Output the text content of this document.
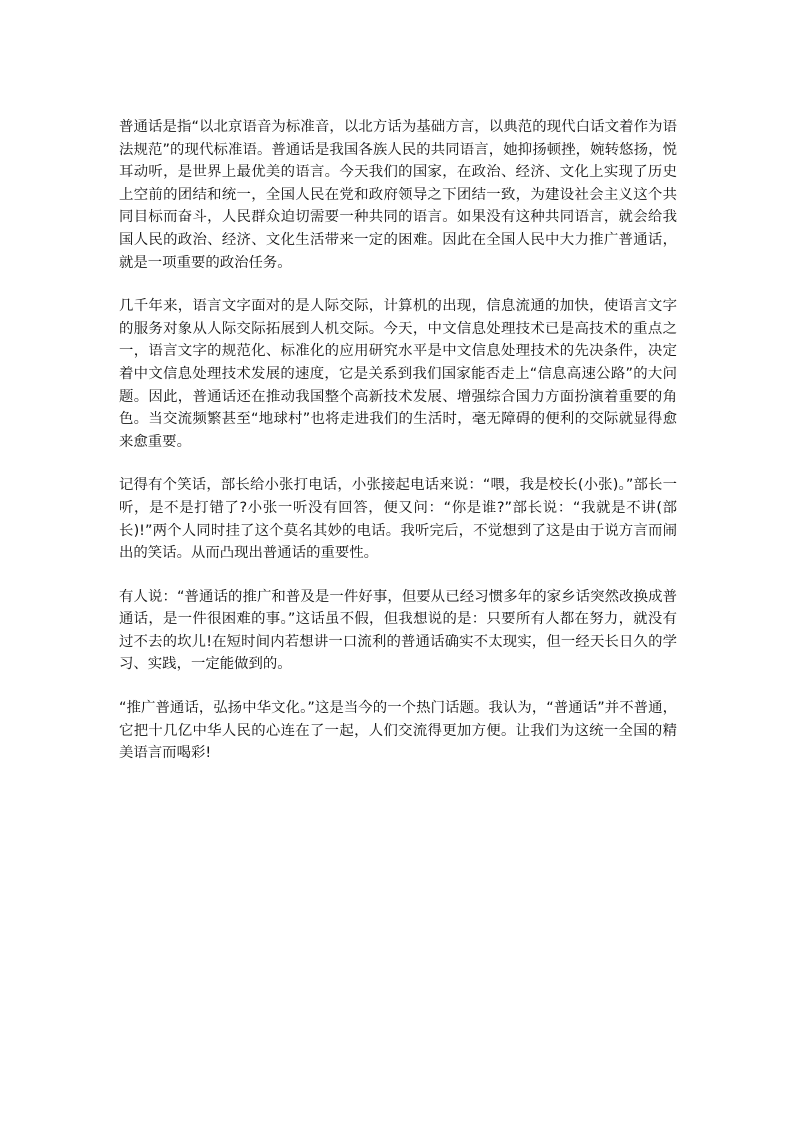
普通话是指“以北京语音为标准音，以北方话为基础方言，以典范的现代白话文着作为语法规范”的现代标准语。普通话是我国各族人民的共同语言，她抑扬顿挫，婉转悠扬，悦耳动听，是世界上最优美的语言。今天我们的国家，在政治、经济、文化上实现了历史上空前的团结和统一，全国人民在党和政府领导之下团结一致，为建设社会主义这个共同目标而奋斗，人民群众迫切需要一种共同的语言。如果没有这种共同语言，就会给我国人民的政治、经济、文化生活带来一定的困难。因此在全国人民中大力推广普通话，就是一项重要的政治任务。

几千年来，语言文字面对的是人际交际，计算机的出现，信息流通的加快，使语言文字的服务对象从人际交际拓展到人机交际。今天，中文信息处理技术已是高技术的重点之一，语言文字的规范化、标准化的应用研究水平是中文信息处理技术的先决条件，决定着中文信息处理技术发展的速度，它是关系到我们国家能否走上“信息高速公路”的大问题。因此，普通话还在推动我国整个高新技术发展、增强综合国力方面扮演着重要的角色。当交流频繁甚至“地球村”也将走进我们的生活时，毫无障碍的便利的交际就显得愈来愈重要。

记得有个笑话，部长给小张打电话，小张接起电话来说：“喂，我是校长(小张)。”部长一听，是不是打错了?小张一听没有回答，便又问：“你是谁?”部长说：“我就是不讲(部长)!”两个人同时挂了这个莫名其妙的电话。我听完后，不觉想到了这是由于说方言而闹出的笑话。从而凸现出普通话的重要性。

有人说：“普通话的推广和普及是一件好事，但要从已经习惯多年的家乡话突然改换成普通话，是一件很困难的事。”这话虽不假，但我想说的是：只要所有人都在努力，就没有过不去的坎儿!在短时间内若想讲一口流利的普通话确实不太现实，但一经天长日久的学习、实践，一定能做到的。

“推广普通话，弘扬中华文化。”这是当今的一个热门话题。我认为，“普通话”并不普通，它把十几亿中华人民的心连在了一起，人们交流得更加方便。让我们为这统一全国的精美语言而喝彩!
